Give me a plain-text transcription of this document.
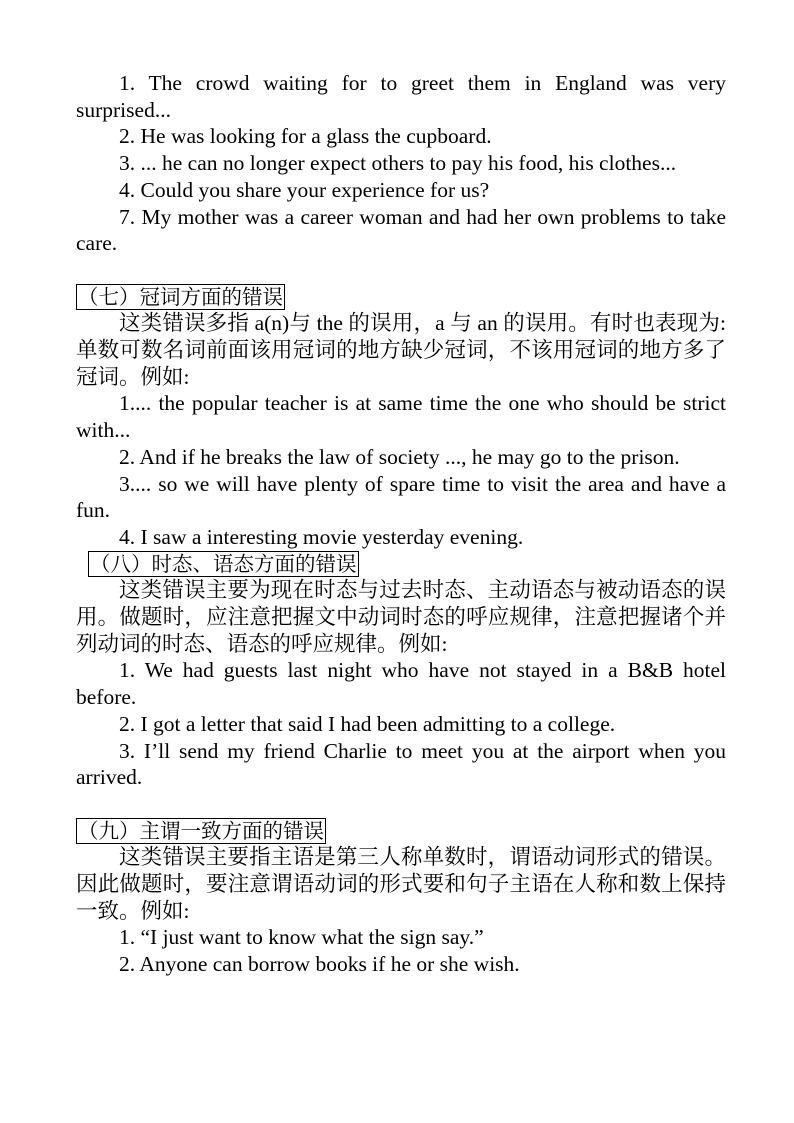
1. The crowd waiting for to greet them in England was very surprised...

2. He was looking for a glass the cupboard.

3. ... he can no longer expect others to pay his food, his clothes...

4. Could you share your experience for us?

7. My mother was a career woman and had her own problems to take care.

（七）冠词方面的错误

这类错误多指 a(n)与 the 的误用，a 与 an 的误用。有时也表现为:单数可数名词前面该用冠词的地方缺少冠词，不该用冠词的地方多了冠词。例如:

1.... the popular teacher is at same time the one who should be strict with...

2. And if he breaks the law of society ..., he may go to the prison.

3.... so we will have plenty of spare time to visit the area and have a fun.

4. I saw a interesting movie yesterday evening.

（八）时态、语态方面的错误

这类错误主要为现在时态与过去时态、主动语态与被动语态的误用。做题时，应注意把握文中动词时态的呼应规律，注意把握诸个并列动词的时态、语态的呼应规律。例如:

1. We had guests last night who have not stayed in a B&B hotel before.

2. I got a letter that said I had been admitting to a college.

3. I’ll send my friend Charlie to meet you at the airport when you arrived.

（九）主谓一致方面的错误

这类错误主要指主语是第三人称单数时，谓语动词形式的错误。因此做题时，要注意谓语动词的形式要和句子主语在人称和数上保持一致。例如:

1. “I just want to know what the sign say.”

2. Anyone can borrow books if he or she wish.
